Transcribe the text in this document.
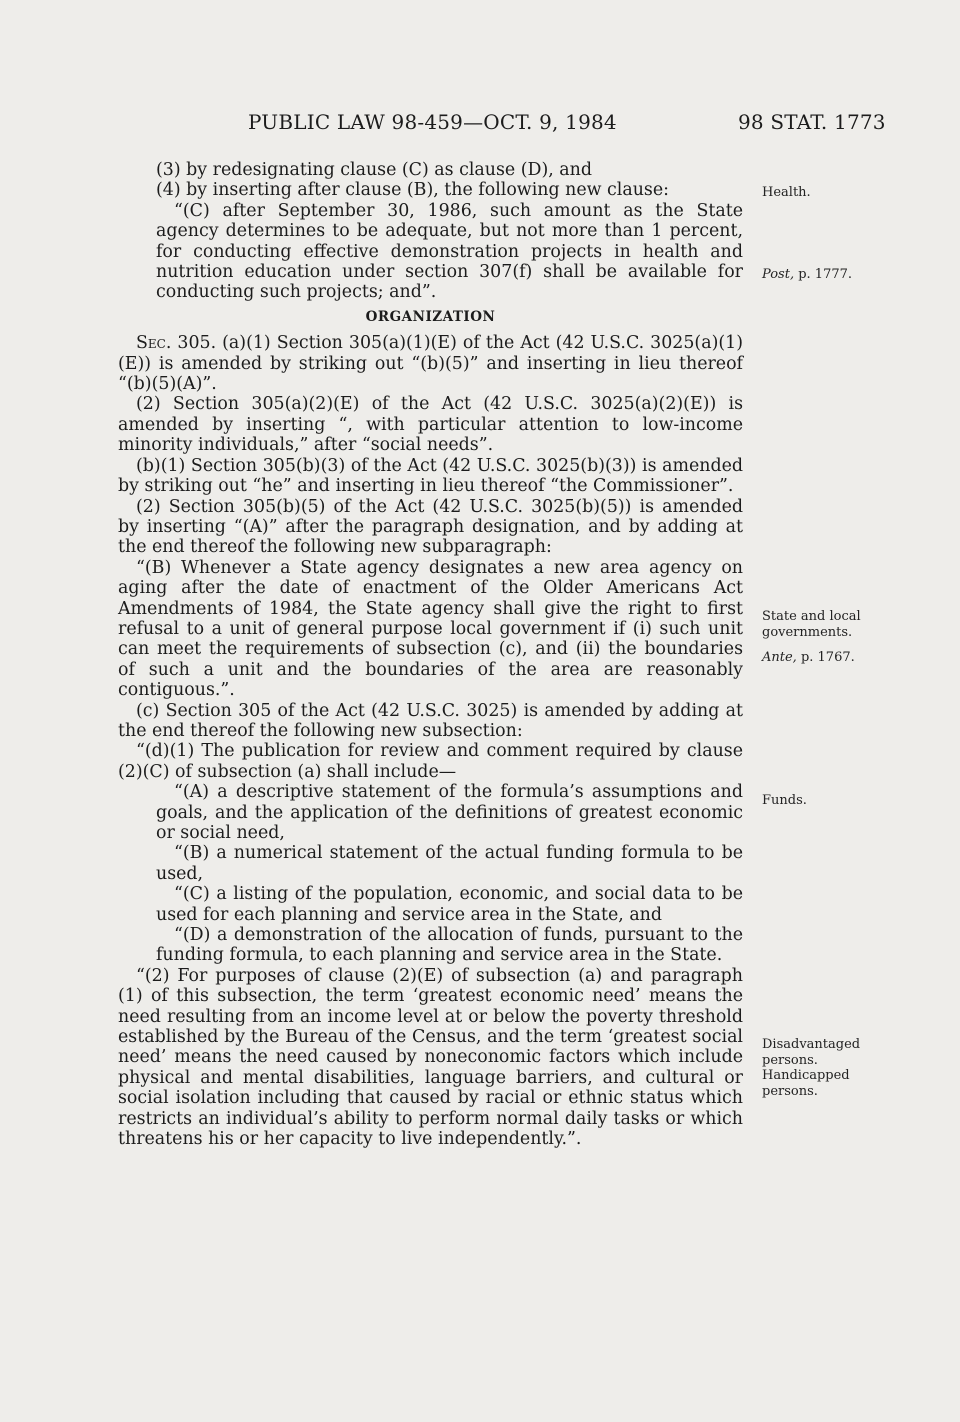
PUBLIC LAW 98-459—OCT. 9, 1984	98 STAT. 1773

(3) by redesignating clause (C) as clause (D), and

(4) by inserting after clause (B), the following new clause:

“(C) after September 30, 1986, such amount as the State agency determines to be adequate, but not more than 1 percent, for conducting effective demonstration projects in health and nutrition education under section 307(f) shall be available for conducting such projects; and”.

ORGANIZATION

Sec. 305. (a)(1) Section 305(a)(1)(E) of the Act (42 U.S.C. 3025(a)(1)(E)) is amended by striking out “(b)(5)” and inserting in lieu thereof “(b)(5)(A)”.

(2) Section 305(a)(2)(E) of the Act (42 U.S.C. 3025(a)(2)(E)) is amended by inserting “, with particular attention to low-income minority individuals,” after “social needs”.

(b)(1) Section 305(b)(3) of the Act (42 U.S.C. 3025(b)(3)) is amended by striking out “he” and inserting in lieu thereof “the Commissioner”.

(2) Section 305(b)(5) of the Act (42 U.S.C. 3025(b)(5)) is amended by inserting “(A)” after the paragraph designation, and by adding at the end thereof the following new subparagraph:

“(B) Whenever a State agency designates a new area agency on aging after the date of enactment of the Older Americans Act Amendments of 1984, the State agency shall give the right to first refusal to a unit of general purpose local government if (i) such unit can meet the requirements of subsection (c), and (ii) the boundaries of such a unit and the boundaries of the area are reasonably contiguous.”.

(c) Section 305 of the Act (42 U.S.C. 3025) is amended by adding at the end thereof the following new subsection:

“(d)(1) The publication for review and comment required by clause (2)(C) of subsection (a) shall include—

“(A) a descriptive statement of the formula’s assumptions and goals, and the application of the definitions of greatest economic or social need,

“(B) a numerical statement of the actual funding formula to be used,

“(C) a listing of the population, economic, and social data to be used for each planning and service area in the State, and

“(D) a demonstration of the allocation of funds, pursuant to the funding formula, to each planning and service area in the State.

“(2) For purposes of clause (2)(E) of subsection (a) and paragraph (1) of this subsection, the term ‘greatest economic need’ means the need resulting from an income level at or below the poverty threshold established by the Bureau of the Census, and the term ‘greatest social need’ means the need caused by noneconomic factors which include physical and mental disabilities, language barriers, and cultural or social isolation including that caused by racial or ethnic status which restricts an individual’s ability to perform normal daily tasks or which threatens his or her capacity to live independently.”.

Health.
Post, p. 1777.
State and local governments.
Ante, p. 1767.
Funds.
Disadvantaged persons.
Handicapped persons.
